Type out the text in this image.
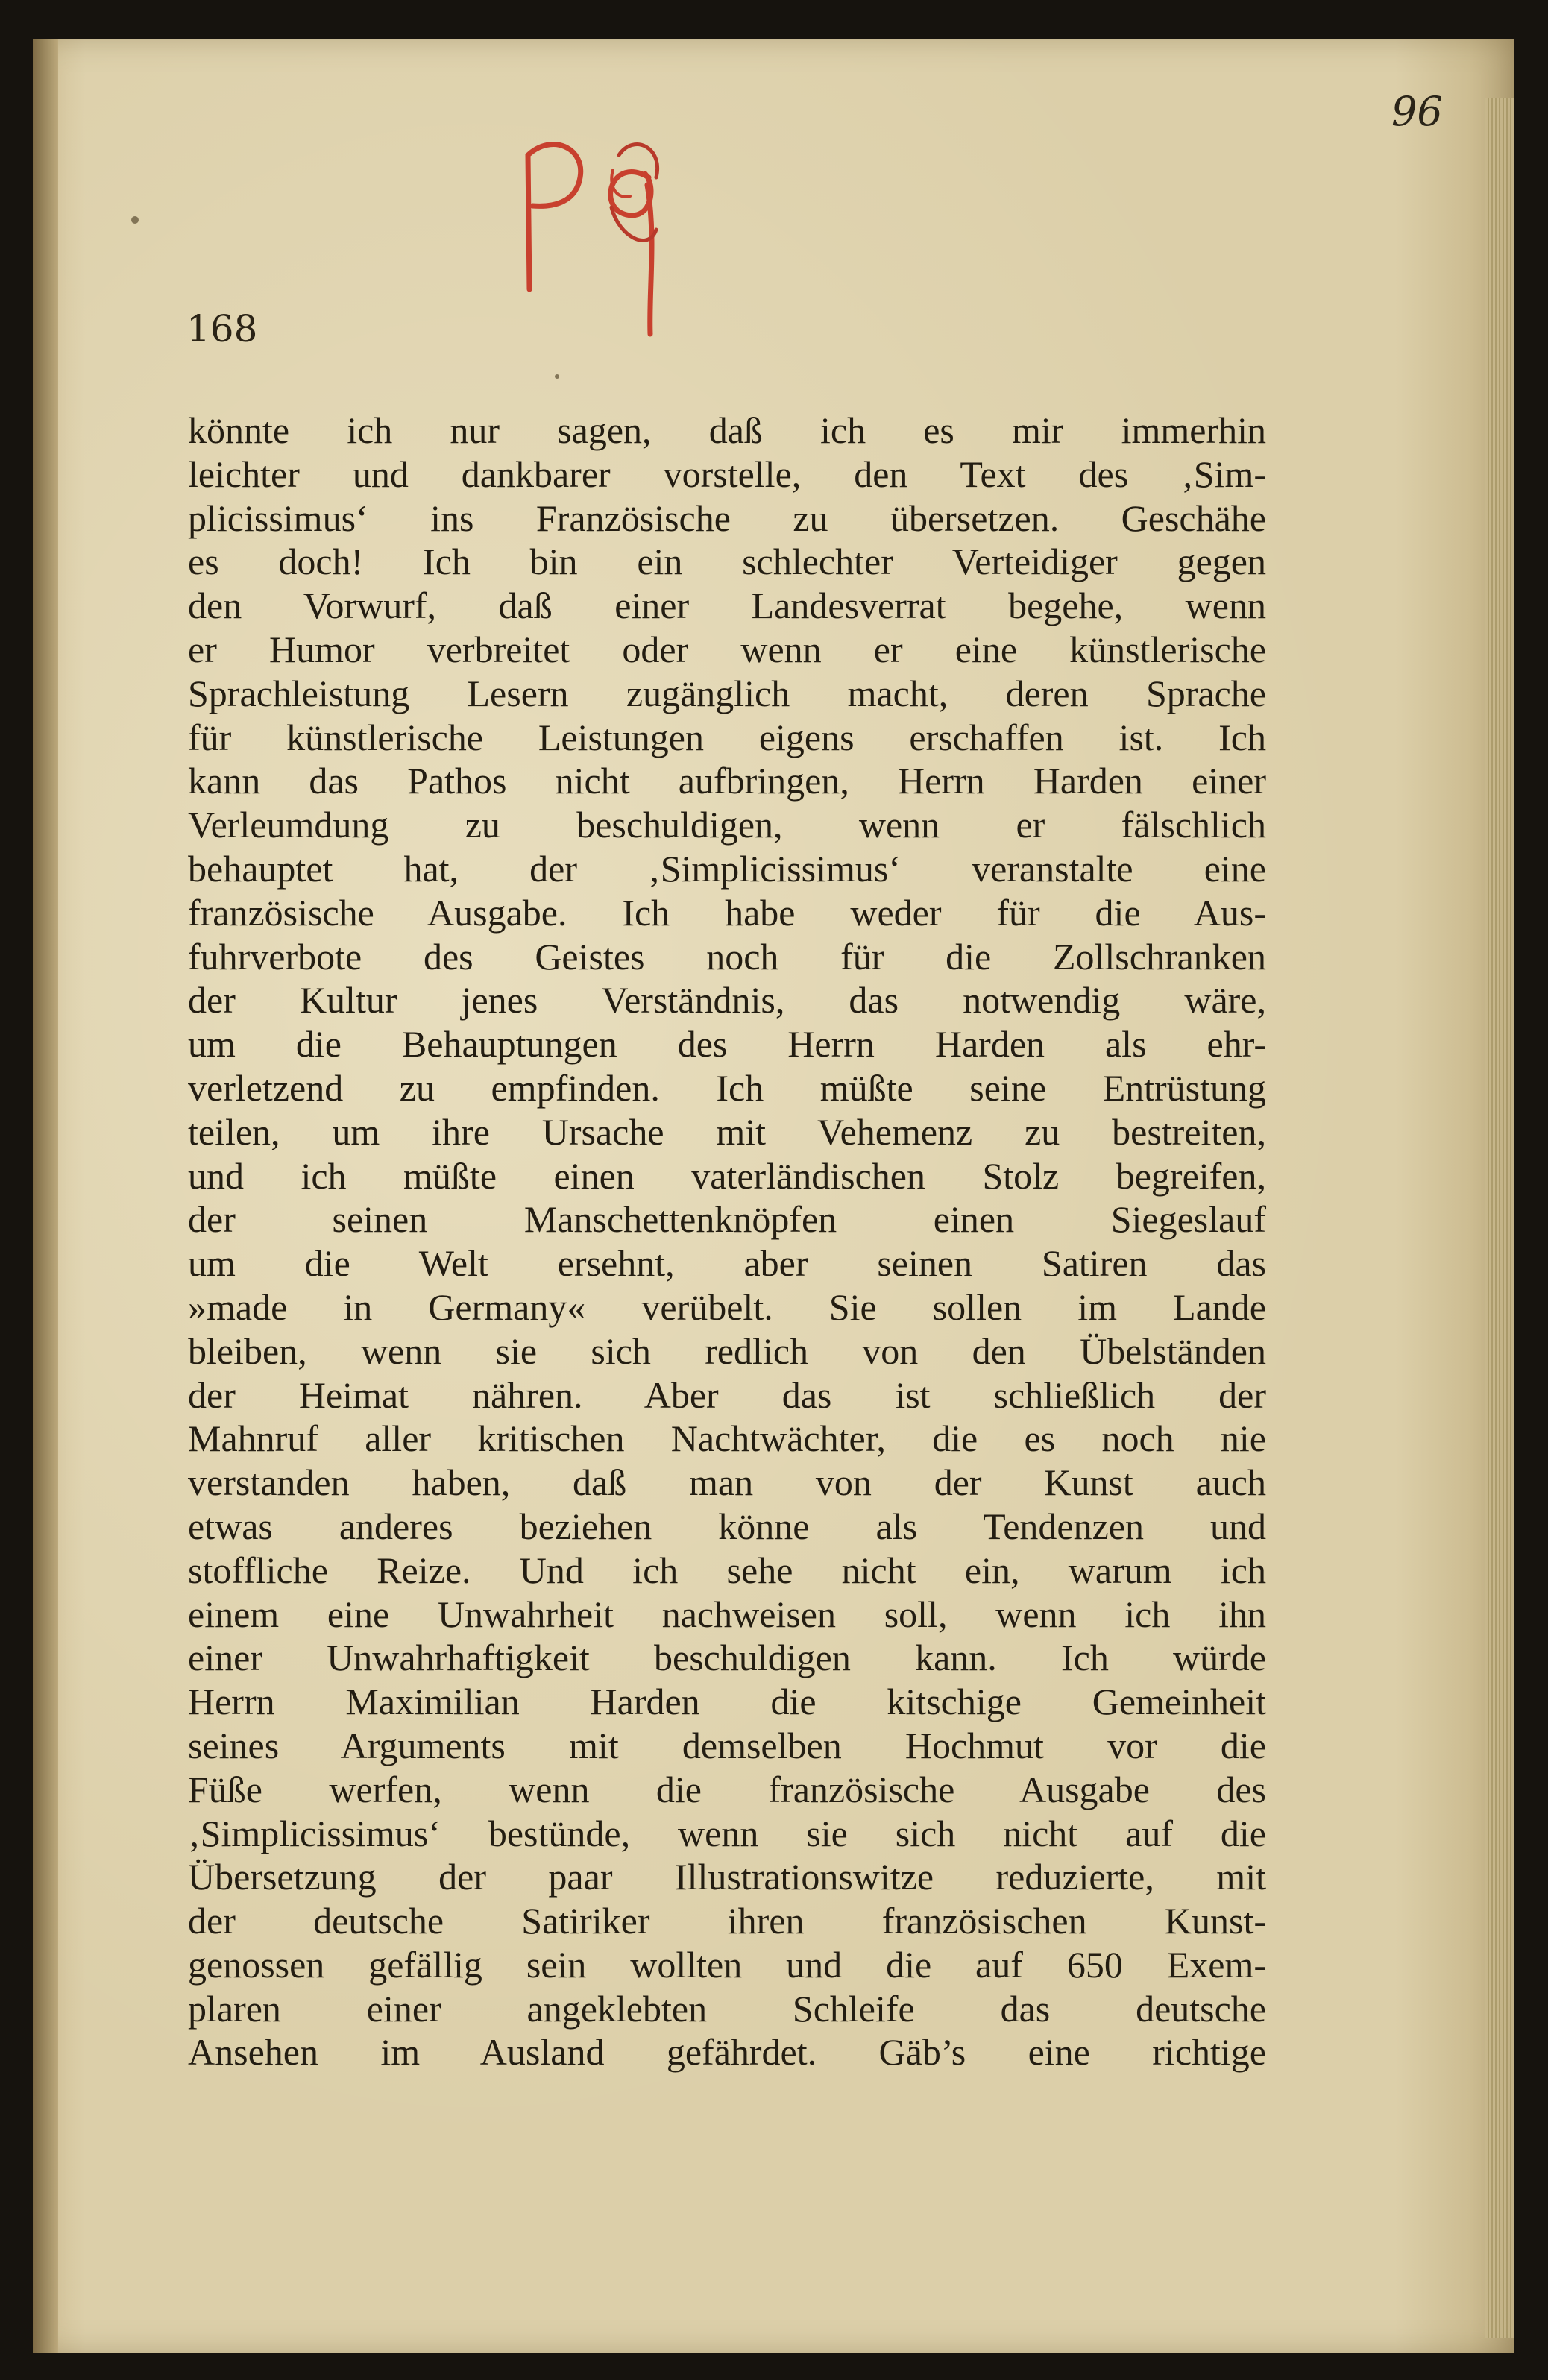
96
168
könnte ich nur sagen, daß ich es mir immerhin
leichter und dankbarer vorstelle, den Text des ‚Sim-
plicissimus‘ ins Französische zu übersetzen. Geschähe
es doch! Ich bin ein schlechter Verteidiger gegen
den Vorwurf, daß einer Landesverrat begehe, wenn
er Humor verbreitet oder wenn er eine künstlerische
Sprachleistung Lesern zugänglich macht, deren Sprache
für künstlerische Leistungen eigens erschaffen ist. Ich
kann das Pathos nicht aufbringen, Herrn Harden einer
Verleumdung zu beschuldigen, wenn er fälschlich
behauptet hat, der ‚Simplicissimus‘ veranstalte eine
französische Ausgabe. Ich habe weder für die Aus-
fuhrverbote des Geistes noch für die Zollschranken
der Kultur jenes Verständnis, das notwendig wäre,
um die Behauptungen des Herrn Harden als ehr-
verletzend zu empfinden. Ich müßte seine Entrüstung
teilen, um ihre Ursache mit Vehemenz zu bestreiten,
und ich müßte einen vaterländischen Stolz begreifen,
der seinen Manschettenknöpfen einen Siegeslauf
um die Welt ersehnt, aber seinen Satiren das
»made in Germany« verübelt. Sie sollen im Lande
bleiben, wenn sie sich redlich von den Übelständen
der Heimat nähren. Aber das ist schließlich der
Mahnruf aller kritischen Nachtwächter, die es noch nie
verstanden haben, daß man von der Kunst auch
etwas anderes beziehen könne als Tendenzen und
stoffliche Reize. Und ich sehe nicht ein, warum ich
einem eine Unwahrheit nachweisen soll, wenn ich ihn
einer Unwahrhaftigkeit beschuldigen kann. Ich würde
Herrn Maximilian Harden die kitschige Gemeinheit
seines Arguments mit demselben Hochmut vor die
Füße werfen, wenn die französische Ausgabe des
‚Simplicissimus‘ bestünde, wenn sie sich nicht auf die
Übersetzung der paar Illustrationswitze reduzierte, mit
der deutsche Satiriker ihren französischen Kunst-
genossen gefällig sein wollten und die auf 650 Exem-
plaren einer angeklebten Schleife das deutsche
Ansehen im Ausland gefährdet. Gäb’s eine richtige
